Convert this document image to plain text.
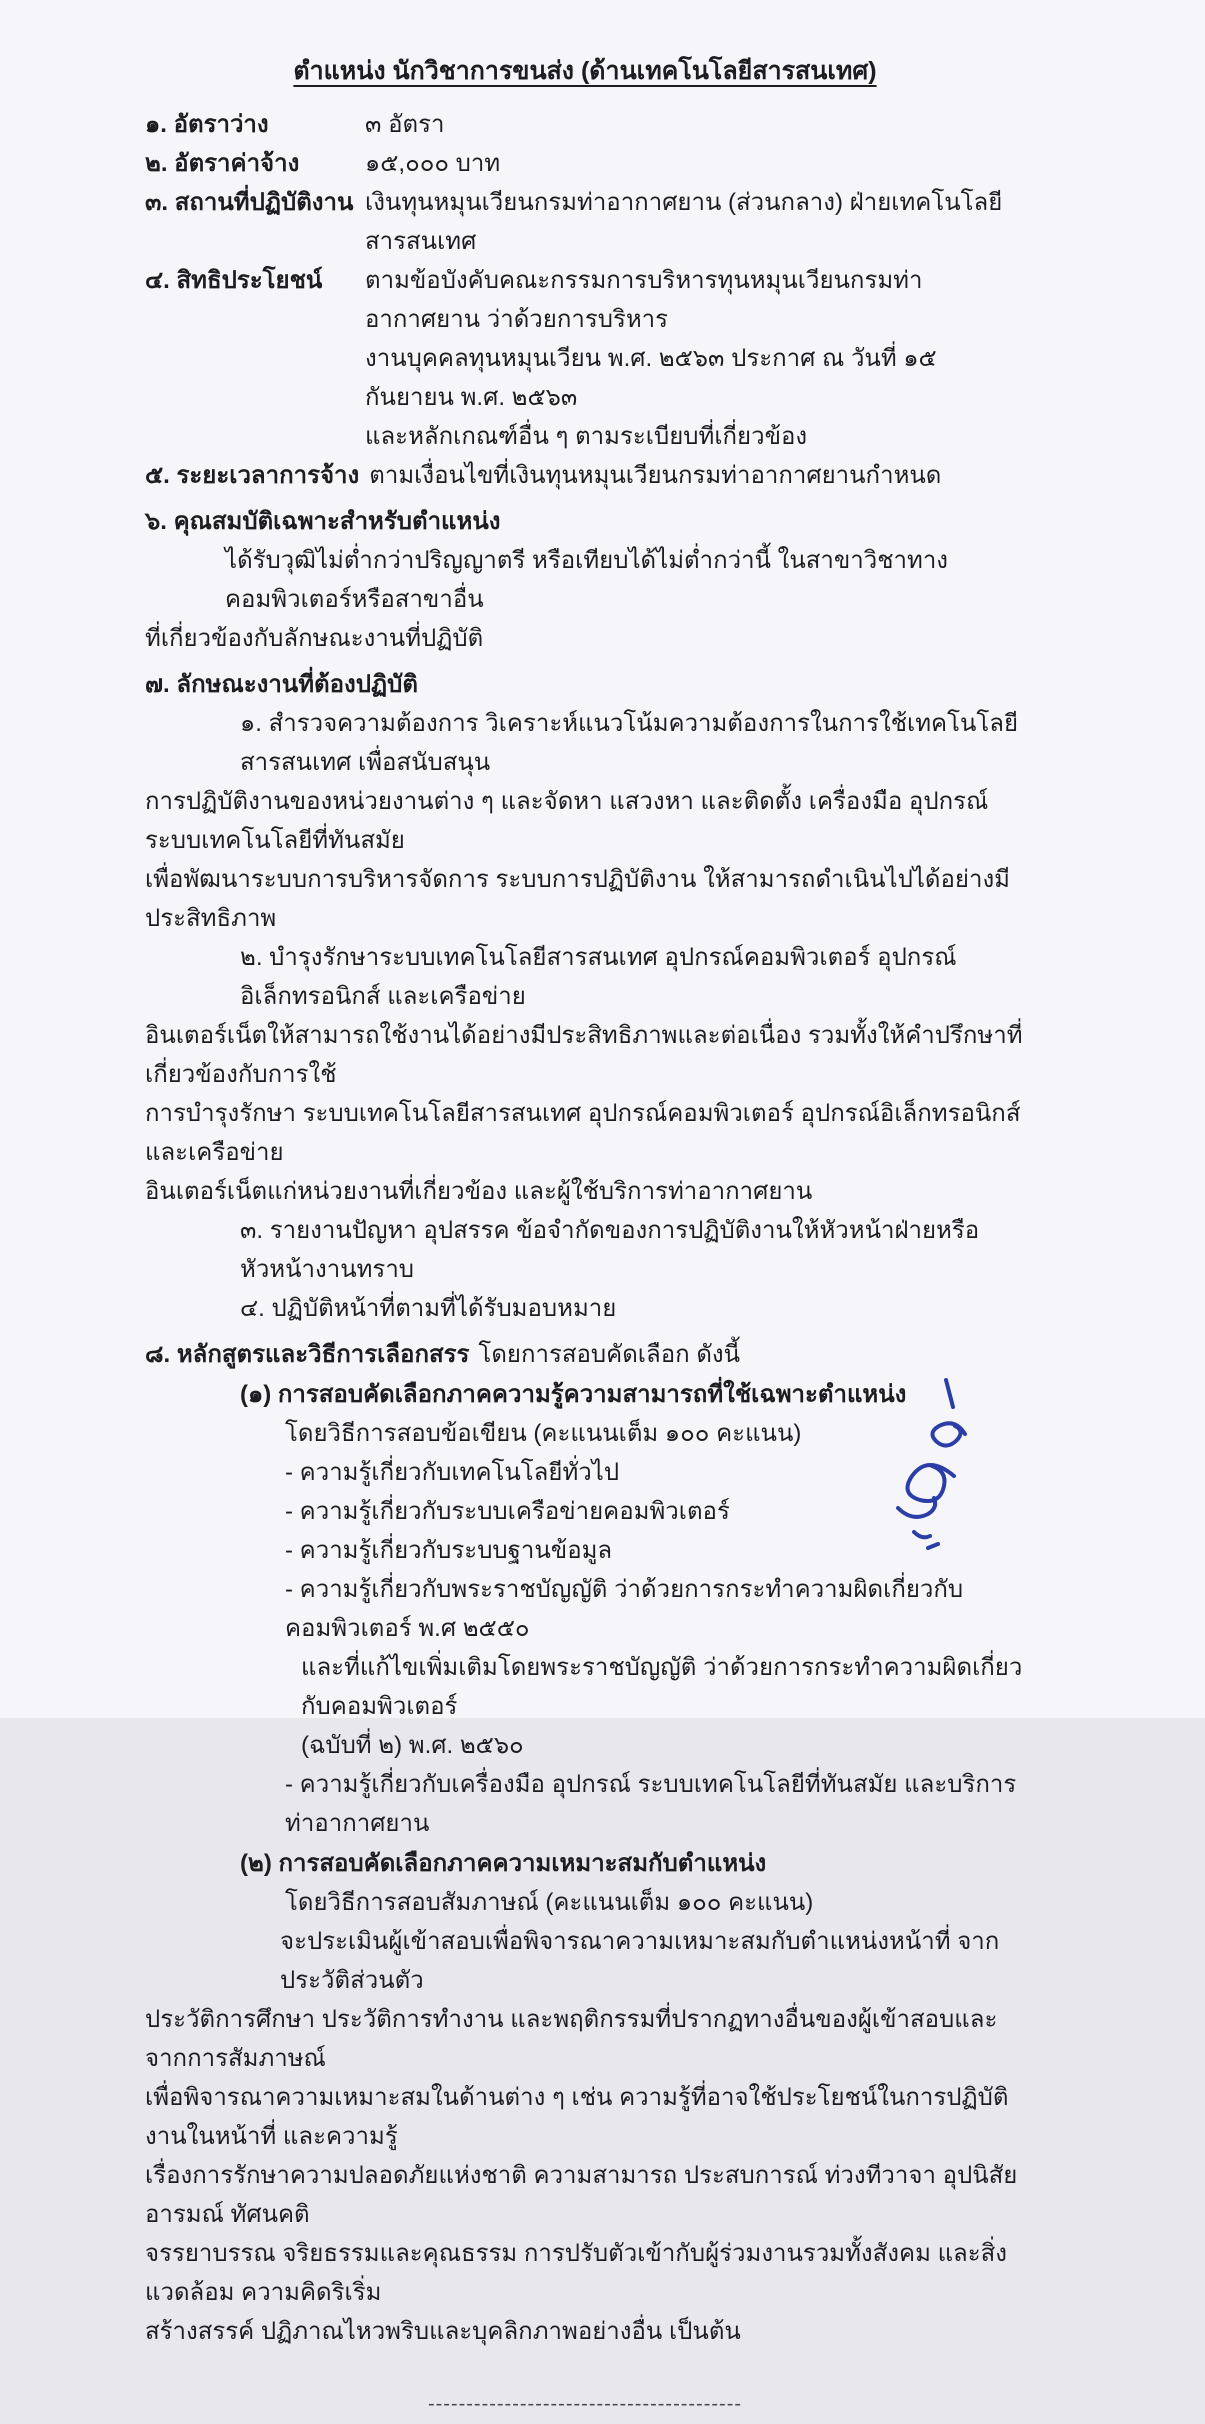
ตำแหน่ง นักวิชาการขนส่ง (ด้านเทคโนโลยีสารสนเทศ)
๑. อัตราว่าง	๓ อัตรา
๒. อัตราค่าจ้าง	๑๕,๐๐๐ บาท
๓. สถานที่ปฏิบัติงาน เงินทุนหมุนเวียนกรมท่าอากาศยาน (ส่วนกลาง) ฝ่ายเทคโนโลยีสารสนเทศ
๔. สิทธิประโยชน์	ตามข้อบังคับคณะกรรมการบริหารทุนหมุนเวียนกรมท่าอากาศยาน ว่าด้วยการบริหาร
งานบุคคลทุนหมุนเวียน พ.ศ. ๒๕๖๓ ประกาศ ณ วันที่ ๑๕ กันยายน พ.ศ. ๒๕๖๓
และหลักเกณฑ์อื่น ๆ ตามระเบียบที่เกี่ยวข้อง
๕. ระยะเวลาการจ้าง ตามเงื่อนไขที่เงินทุนหมุนเวียนกรมท่าอากาศยานกำหนด
๖. คุณสมบัติเฉพาะสำหรับตำแหน่ง
ได้รับวุฒิไม่ต่ำกว่าปริญญาตรี หรือเทียบได้ไม่ต่ำกว่านี้ ในสาขาวิชาทางคอมพิวเตอร์หรือสาขาอื่น
ที่เกี่ยวข้องกับลักษณะงานที่ปฏิบัติ
๗. ลักษณะงานที่ต้องปฏิบัติ
๑. สำรวจความต้องการ วิเคราะห์แนวโน้มความต้องการในการใช้เทคโนโลยีสารสนเทศ เพื่อสนับสนุน
การปฏิบัติงานของหน่วยงานต่าง ๆ และจัดหา แสวงหา และติดตั้ง เครื่องมือ อุปกรณ์ ระบบเทคโนโลยีที่ทันสมัย
เพื่อพัฒนาระบบการบริหารจัดการ ระบบการปฏิบัติงาน ให้สามารถดำเนินไปได้อย่างมีประสิทธิภาพ
๒. บำรุงรักษาระบบเทคโนโลยีสารสนเทศ อุปกรณ์คอมพิวเตอร์ อุปกรณ์อิเล็กทรอนิกส์ และเครือข่าย
อินเตอร์เน็ตให้สามารถใช้งานได้อย่างมีประสิทธิภาพและต่อเนื่อง รวมทั้งให้คำปรึกษาที่เกี่ยวข้องกับการใช้
การบำรุงรักษา ระบบเทคโนโลยีสารสนเทศ อุปกรณ์คอมพิวเตอร์ อุปกรณ์อิเล็กทรอนิกส์ และเครือข่าย
อินเตอร์เน็ตแก่หน่วยงานที่เกี่ยวข้อง และผู้ใช้บริการท่าอากาศยาน
๓. รายงานปัญหา อุปสรรค ข้อจำกัดของการปฏิบัติงานให้หัวหน้าฝ่ายหรือหัวหน้างานทราบ
๔. ปฏิบัติหน้าที่ตามที่ได้รับมอบหมาย
๘. หลักสูตรและวิธีการเลือกสรร โดยการสอบคัดเลือก ดังนี้
(๑) การสอบคัดเลือกภาคความรู้ความสามารถที่ใช้เฉพาะตำแหน่ง
โดยวิธีการสอบข้อเขียน (คะแนนเต็ม ๑๐๐ คะแนน)
- ความรู้เกี่ยวกับเทคโนโลยีทั่วไป
- ความรู้เกี่ยวกับระบบเครือข่ายคอมพิวเตอร์
- ความรู้เกี่ยวกับระบบฐานข้อมูล
- ความรู้เกี่ยวกับพระราชบัญญัติ ว่าด้วยการกระทำความผิดเกี่ยวกับคอมพิวเตอร์ พ.ศ ๒๕๕๐
และที่แก้ไขเพิ่มเติมโดยพระราชบัญญัติ ว่าด้วยการกระทำความผิดเกี่ยวกับคอมพิวเตอร์
(ฉบับที่ ๒) พ.ศ. ๒๕๖๐
- ความรู้เกี่ยวกับเครื่องมือ อุปกรณ์ ระบบเทคโนโลยีที่ทันสมัย และบริการท่าอากาศยาน
(๒) การสอบคัดเลือกภาคความเหมาะสมกับตำแหน่ง
โดยวิธีการสอบสัมภาษณ์ (คะแนนเต็ม ๑๐๐ คะแนน)
จะประเมินผู้เข้าสอบเพื่อพิจารณาความเหมาะสมกับตำแหน่งหน้าที่ จากประวัติส่วนตัว
ประวัติการศึกษา ประวัติการทำงาน และพฤติกรรมที่ปรากฏทางอื่นของผู้เข้าสอบและจากการสัมภาษณ์
เพื่อพิจารณาความเหมาะสมในด้านต่าง ๆ เช่น ความรู้ที่อาจใช้ประโยชน์ในการปฏิบัติงานในหน้าที่ และความรู้
เรื่องการรักษาความปลอดภัยแห่งชาติ ความสามารถ ประสบการณ์ ท่วงทีวาจา อุปนิสัย อารมณ์ ทัศนคติ
จรรยาบรรณ จริยธรรมและคุณธรรม การปรับตัวเข้ากับผู้ร่วมงานรวมทั้งสังคม และสิ่งแวดล้อม ความคิดริเริ่ม
สร้างสรรค์ ปฏิภาณไหวพริบและบุคลิกภาพอย่างอื่น เป็นต้น
-----------------------------------------
